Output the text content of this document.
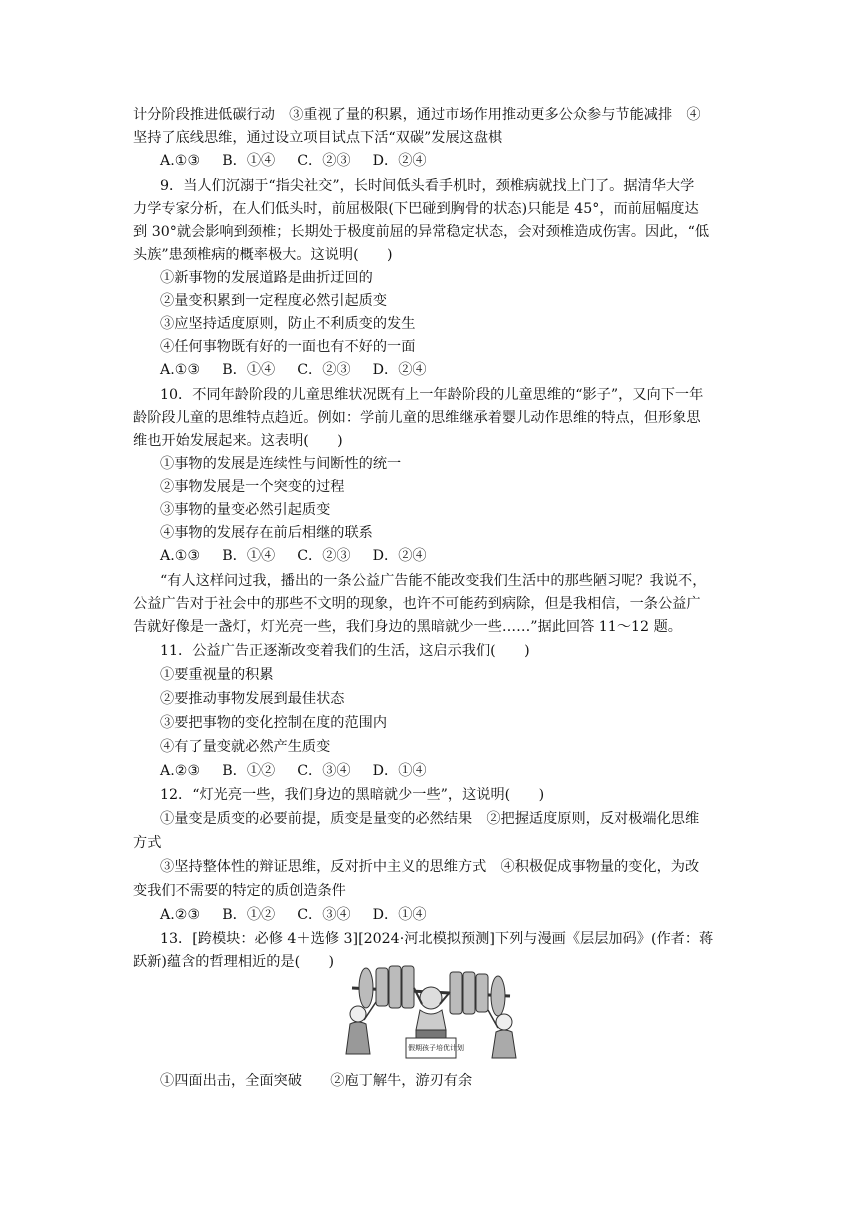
计分阶段推进低碳行动　③重视了量的积累，通过市场作用推动更多公众参与节能减排　④
坚持了底线思维，通过设立项目试点下活“双碳”发展这盘棋
A.①③ B．①④ C．②③ D．②④
9．当人们沉溺于“指尖社交”，长时间低头看手机时，颈椎病就找上门了。据清华大学
力学专家分析，在人们低头时，前屈极限(下巴碰到胸骨的状态)只能是 45°，而前屈幅度达
到 30°就会影响到颈椎；长期处于极度前屈的异常稳定状态，会对颈椎造成伤害。因此，“低
头族”患颈椎病的概率极大。这说明(　　)
①新事物的发展道路是曲折迂回的
②量变积累到一定程度必然引起质变
③应坚持适度原则，防止不利质变的发生
④任何事物既有好的一面也有不好的一面
A.①③ B．①④ C．②③ D．②④
10．不同年龄阶段的儿童思维状况既有上一年龄阶段的儿童思维的“影子”，又向下一年
龄阶段儿童的思维特点趋近。例如：学前儿童的思维继承着婴儿动作思维的特点，但形象思
维也开始发展起来。这表明(　　)
①事物的发展是连续性与间断性的统一
②事物发展是一个突变的过程
③事物的量变必然引起质变
④事物的发展存在前后相继的联系
A.①③ B．①④ C．②③ D．②④
“有人这样问过我，播出的一条公益广告能不能改变我们生活中的那些陋习呢？我说不，
公益广告对于社会中的那些不文明的现象，也许不可能药到病除，但是我相信，一条公益广
告就好像是一盏灯，灯光亮一些，我们身边的黑暗就少一些……”据此回答 11～12 题。
11．公益广告正逐渐改变着我们的生活，这启示我们(　　)
①要重视量的积累
②要推动事物发展到最佳状态
③要把事物的变化控制在度的范围内
④有了量变就必然产生质变
A.②③ B．①② C．③④ D．①④
12．“灯光亮一些，我们身边的黑暗就少一些”，这说明(　　)
①量变是质变的必要前提，质变是量变的必然结果　②把握适度原则，反对极端化思维
方式
③坚持整体性的辩证思维，反对折中主义的思维方式　④积极促成事物量的变化，为改
变我们不需要的特定的质创造条件
A.②③ B．①② C．③④ D．①④
13．[跨模块：必修 4＋选修 3][2024·河北模拟预测]下列与漫画《层层加码》(作者：蒋
跃新)蕴含的哲理相近的是(　　)
假期孩子培优计划
①四面出击，全面突破　　②庖丁解牛，游刃有余
